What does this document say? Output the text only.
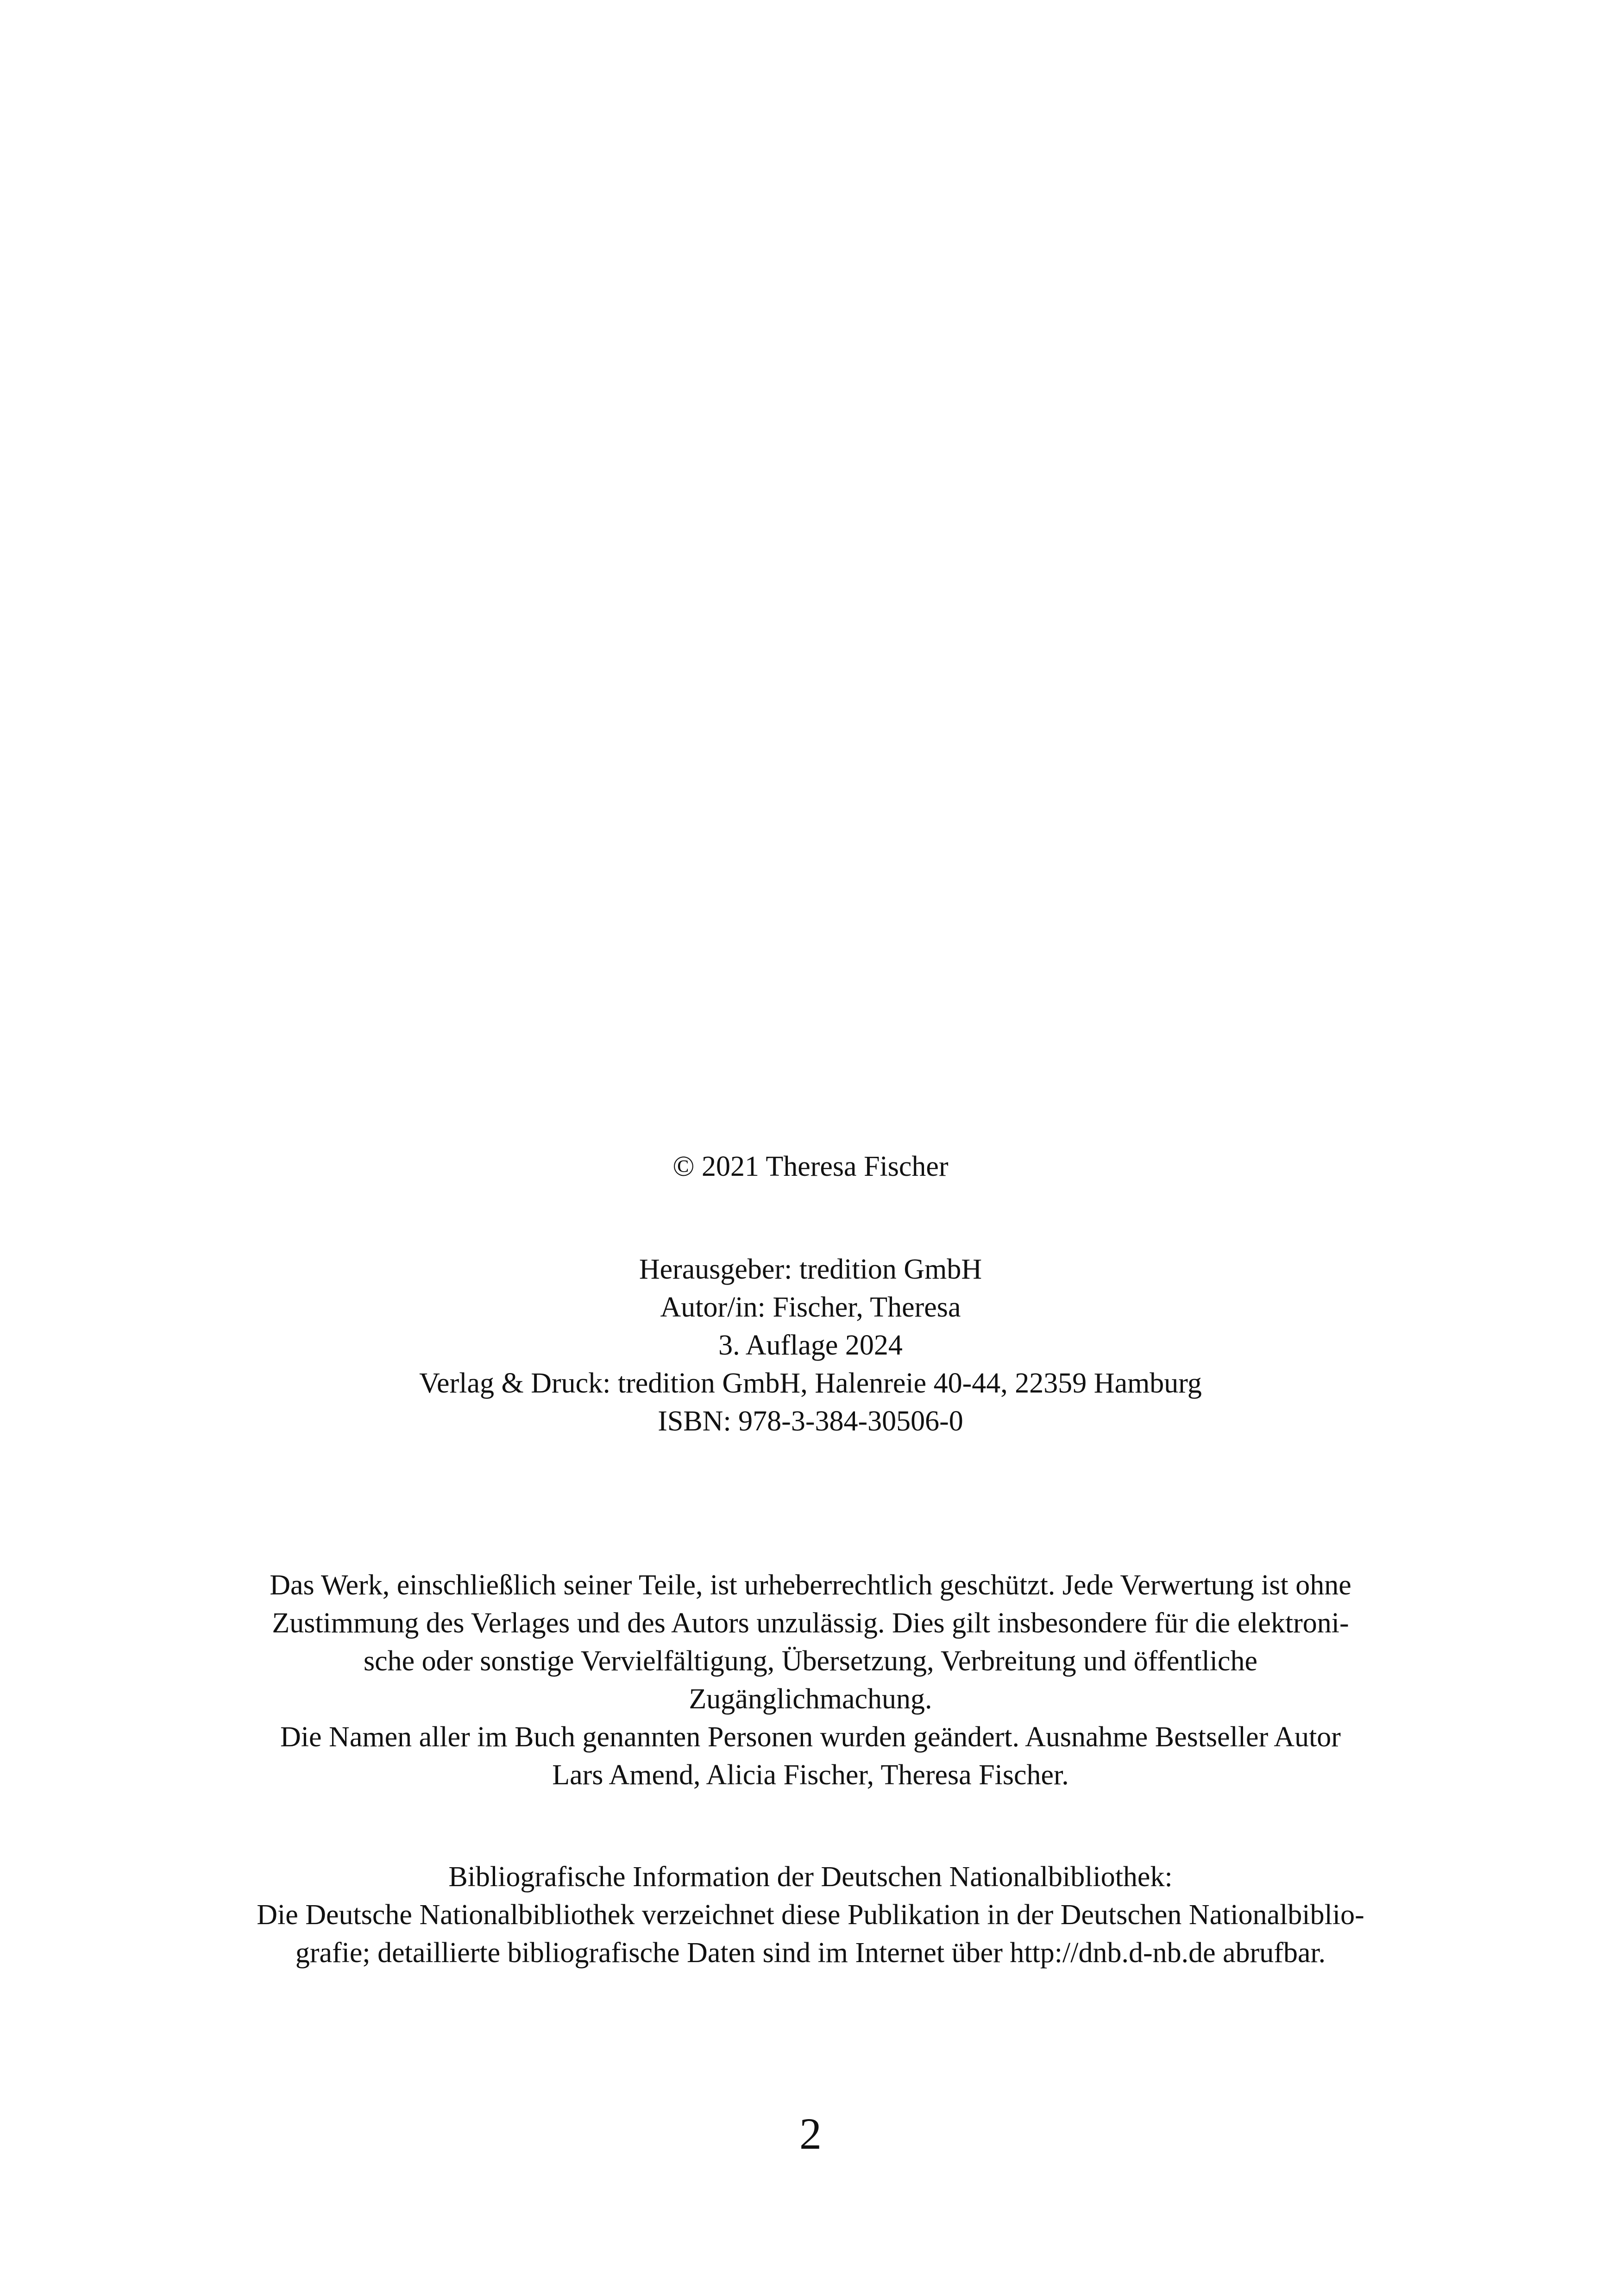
© 2021 Theresa Fischer
Herausgeber: tredition GmbH
Autor/in: Fischer, Theresa
3. Auflage 2024
Verlag & Druck: tredition GmbH, Halenreie 40-44, 22359 Hamburg
ISBN: 978-3-384-30506-0
Das Werk, einschließlich seiner Teile, ist urheberrechtlich geschützt. Jede Verwertung ist ohne
Zustimmung des Verlages und des Autors unzulässig. Dies gilt insbesondere für die elektroni-
sche oder sonstige Vervielfältigung, Übersetzung, Verbreitung und öffentliche
Zugänglichmachung.
Die Namen aller im Buch genannten Personen wurden geändert. Ausnahme Bestseller Autor
Lars Amend, Alicia Fischer, Theresa Fischer.
Bibliografische Information der Deutschen Nationalbibliothek:
Die Deutsche Nationalbibliothek verzeichnet diese Publikation in der Deutschen Nationalbiblio-
grafie; detaillierte bibliografische Daten sind im Internet über http://dnb.d-nb.de abrufbar.
2
